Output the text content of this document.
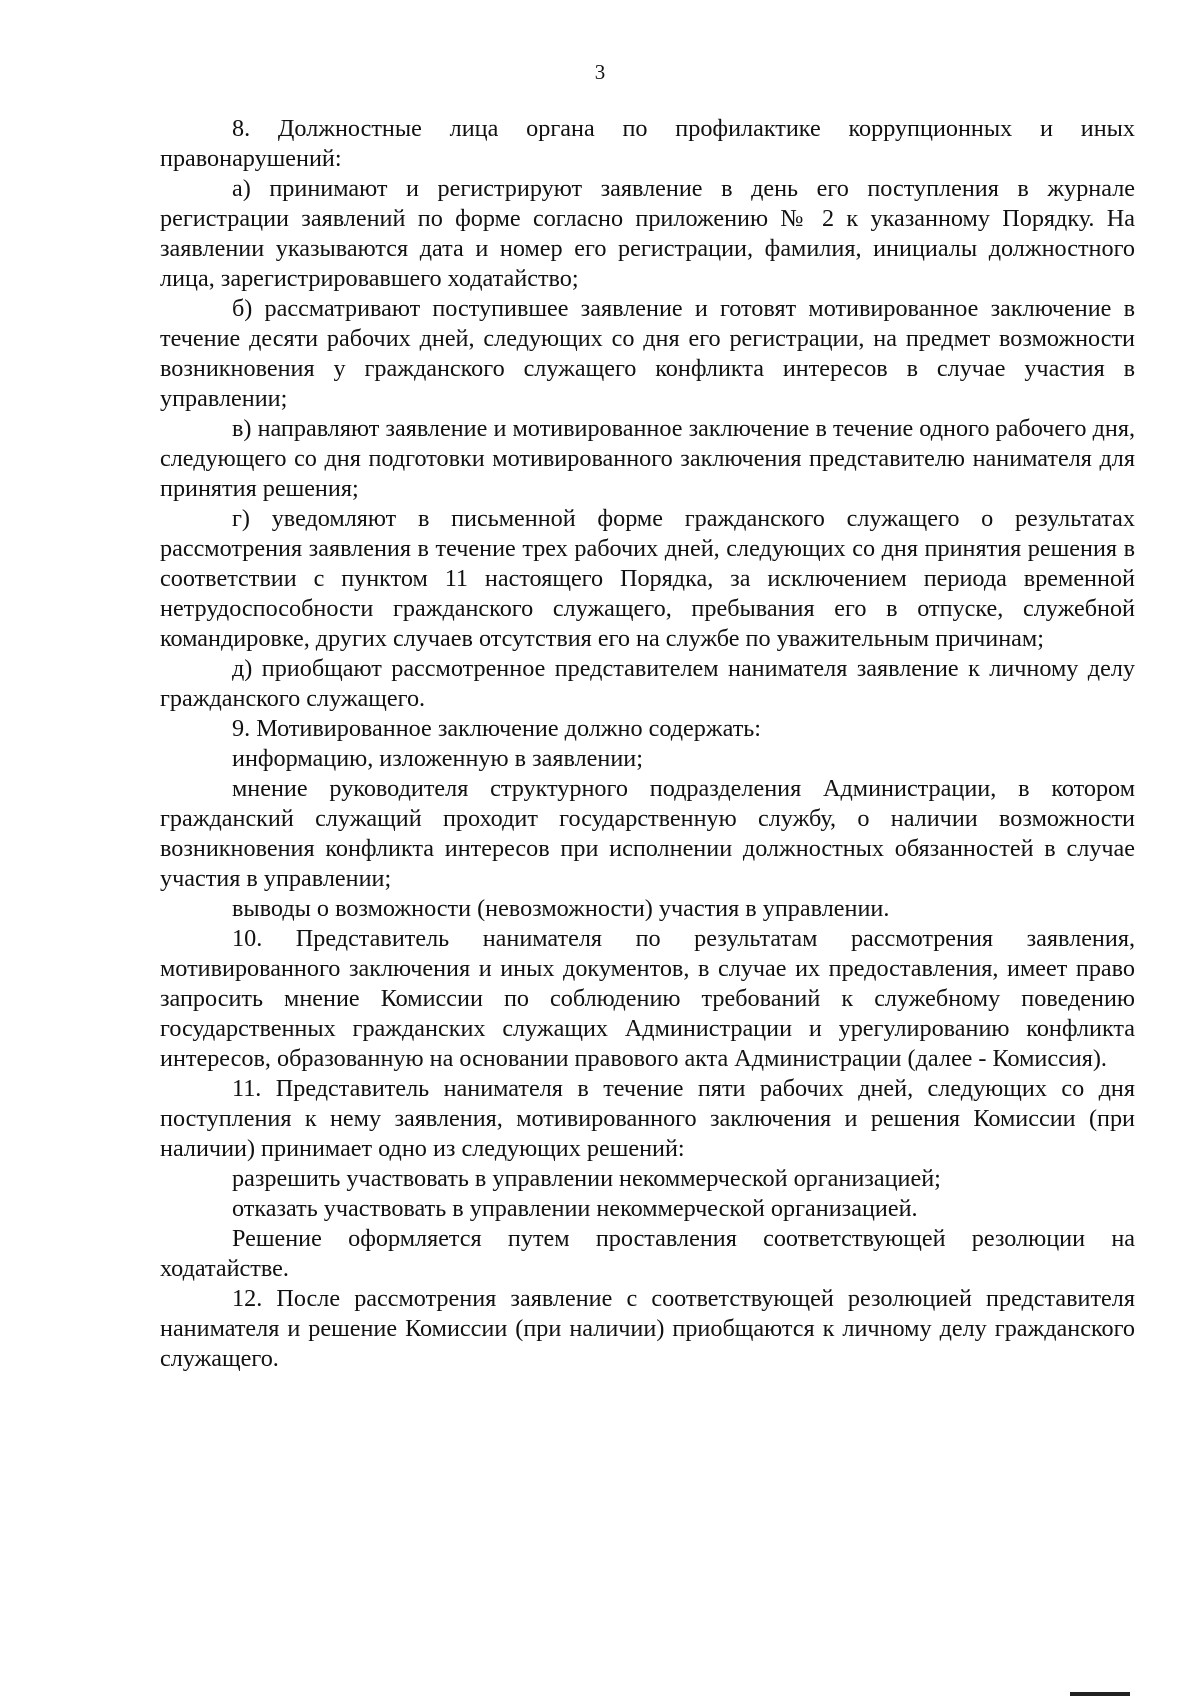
3

8. Должностные лица органа по профилактике коррупционных и иных правонарушений:

а) принимают и регистрируют заявление в день его поступления в журнале регистрации заявлений по форме согласно приложению № 2 к указанному Порядку. На заявлении указываются дата и номер его регистрации, фамилия, инициалы должностного лица, зарегистрировавшего ходатайство;

б) рассматривают поступившее заявление и готовят мотивированное заключение в течение десяти рабочих дней, следующих со дня его регистрации, на предмет возможности возникновения у гражданского служащего конфликта интересов в случае участия в управлении;

в) направляют заявление и мотивированное заключение в течение одного рабочего дня, следующего со дня подготовки мотивированного заключения представителю нанимателя для принятия решения;

г) уведомляют в письменной форме гражданского служащего о результатах рассмотрения заявления в течение трех рабочих дней, следующих со дня принятия решения в соответствии с пунктом 11 настоящего Порядка, за исключением периода временной нетрудоспособности гражданского служащего, пребывания его в отпуске, служебной командировке, других случаев отсутствия его на службе по уважительным причинам;

д) приобщают рассмотренное представителем нанимателя заявление к личному делу гражданского служащего.

9. Мотивированное заключение должно содержать:

информацию, изложенную в заявлении;

мнение руководителя структурного подразделения Администрации, в котором гражданский служащий проходит государственную службу, о наличии возможности возникновения конфликта интересов при исполнении должностных обязанностей в случае участия в управлении;

выводы о возможности (невозможности) участия в управлении.

10. Представитель нанимателя по результатам рассмотрения заявления, мотивированного заключения и иных документов, в случае их предоставления, имеет право запросить мнение Комиссии по соблюдению требований к служебному поведению государственных гражданских служащих Администрации и урегулированию конфликта интересов, образованную на основании правового акта Администрации (далее - Комиссия).

11. Представитель нанимателя в течение пяти рабочих дней, следующих со дня поступления к нему заявления, мотивированного заключения и решения Комиссии (при наличии) принимает одно из следующих решений:

разрешить участвовать в управлении некоммерческой организацией;

отказать участвовать в управлении некоммерческой организацией.

Решение оформляется путем проставления соответствующей резолюции на ходатайстве.

12. После рассмотрения заявление с соответствующей резолюцией представителя нанимателя и решение Комиссии (при наличии) приобщаются к личному делу гражданского служащего.
